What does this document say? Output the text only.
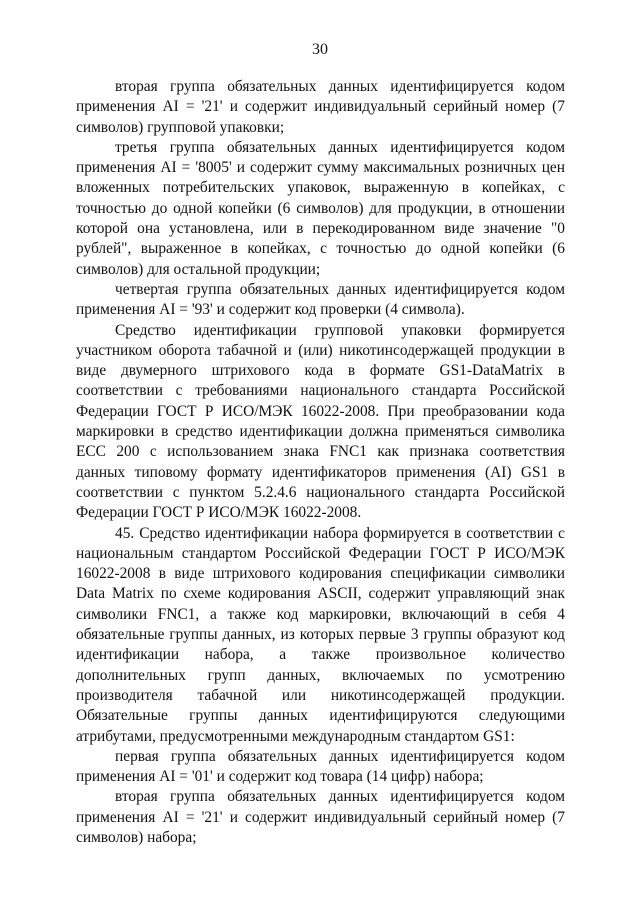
30

вторая группа обязательных данных идентифицируется кодом применения AI = '21' и содержит индивидуальный серийный номер (7 символов) групповой упаковки;

третья группа обязательных данных идентифицируется кодом применения AI = '8005' и содержит сумму максимальных розничных цен вложенных потребительских упаковок, выраженную в копейках, с точностью до одной копейки (6 символов) для продукции, в отношении которой она установлена, или в перекодированном виде значение "0 рублей", выраженное в копейках, с точностью до одной копейки (6 символов) для остальной продукции;

четвертая группа обязательных данных идентифицируется кодом применения AI = '93' и содержит код проверки (4 символа).

Средство идентификации групповой упаковки формируется участником оборота табачной и (или) никотинсодержащей продукции в виде двумерного штрихового кода в формате GS1-DataMatrix в соответствии с требованиями национального стандарта Российской Федерации ГОСТ Р ИСО/МЭК 16022-2008. При преобразовании кода маркировки в средство идентификации должна применяться символика ECC 200 с использованием знака FNC1 как признака соответствия данных типовому формату идентификаторов применения (AI) GS1 в соответствии с пунктом 5.2.4.6 национального стандарта Российской Федерации ГОСТ Р ИСО/МЭК 16022-2008.

45. Средство идентификации набора формируется в соответствии с национальным стандартом Российской Федерации ГОСТ Р ИСО/МЭК 16022-2008 в виде штрихового кодирования спецификации символики Data Matrix по схеме кодирования ASCII, содержит управляющий знак символики FNC1, а также код маркировки, включающий в себя 4 обязательные группы данных, из которых первые 3 группы образуют код идентификации набора, а также произвольное количество дополнительных групп данных, включаемых по усмотрению производителя табачной или никотинсодержащей продукции. Обязательные группы данных идентифицируются следующими атрибутами, предусмотренными международным стандартом GS1:

первая группа обязательных данных идентифицируется кодом применения AI = '01' и содержит код товара (14 цифр) набора;

вторая группа обязательных данных идентифицируется кодом применения AI = '21' и содержит индивидуальный серийный номер (7 символов) набора;
